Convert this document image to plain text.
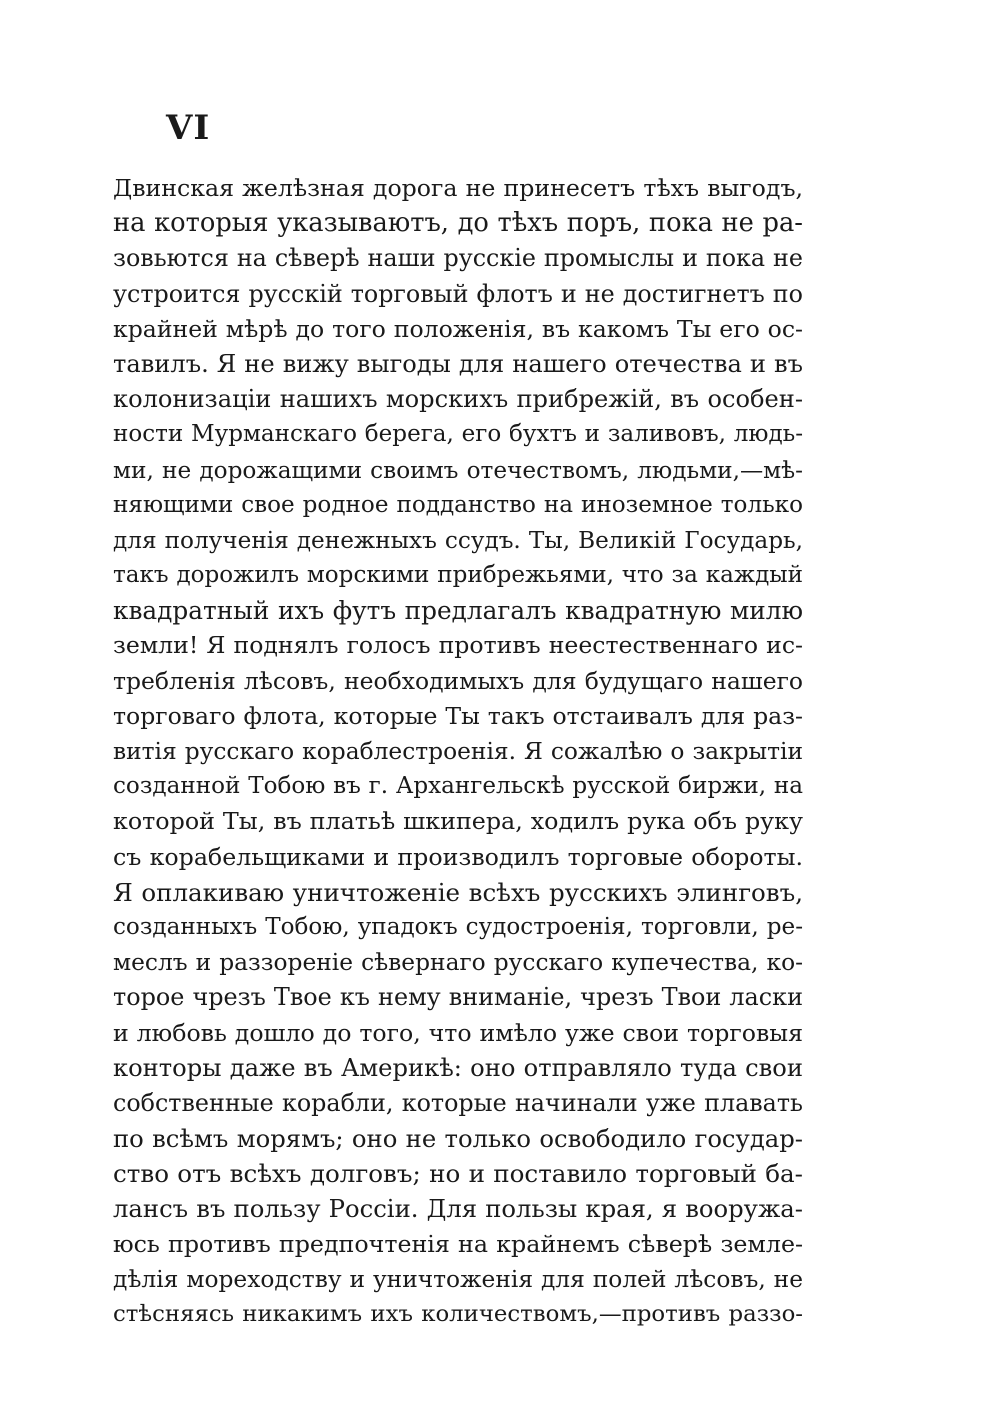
VI
Двинская желѣзная дорога не принесетъ тѣхъ выгодъ,
на которыя указываютъ, до тѣхъ поръ, пока не ра-
зовьются на сѣверѣ наши русскіе промыслы и пока не
устроится русскій торговый флотъ и не достигнетъ по
крайней мѣрѣ до того положенія, въ какомъ Ты его ос-
тавилъ. Я не вижу выгоды для нашего отечества и въ
колонизаціи нашихъ морскихъ прибрежій, въ особен-
ности Мурманскаго берега, его бухтъ и заливовъ, людь-
ми, не дорожащими своимъ отечествомъ, людьми,—мѣ-
няющими свое родное подданство на иноземное только
для полученія денежныхъ ссудъ. Ты, Великій Государь,
такъ дорожилъ морскими прибрежьями, что за каждый
квадратный ихъ футъ предлагалъ квадратную милю
земли! Я поднялъ голосъ противъ неестественнаго ис-
требленія лѣсовъ, необходимыхъ для будущаго нашего
торговаго флота, которые Ты такъ отстаивалъ для раз-
витія русскаго кораблестроенія. Я сожалѣю о закрытіи
созданной Тобою въ г. Архангельскѣ русской биржи, на
которой Ты, въ платьѣ шкипера, ходилъ рука объ руку
съ корабельщиками и производилъ торговые обороты.
Я оплакиваю уничтоженіе всѣхъ русскихъ элинговъ,
созданныхъ Тобою, упадокъ судостроенія, торговли, ре-
меслъ и раззореніе сѣвернаго русскаго купечества, ко-
торое чрезъ Твое къ нему вниманіе, чрезъ Твои ласки
и любовь дошло до того, что имѣло уже свои торговыя
конторы даже въ Америкѣ: оно отправляло туда свои
собственные корабли, которые начинали уже плавать
по всѣмъ морямъ; оно не только освободило государ-
ство отъ всѣхъ долговъ; но и поставило торговый ба-
лансъ въ пользу Россіи. Для пользы края, я вооружа-
юсь противъ предпочтенія на крайнемъ сѣверѣ земле-
дѣлія мореходству и уничтоженія для полей лѣсовъ, не
стѣсняясь никакимъ ихъ количествомъ,—противъ раззо-
